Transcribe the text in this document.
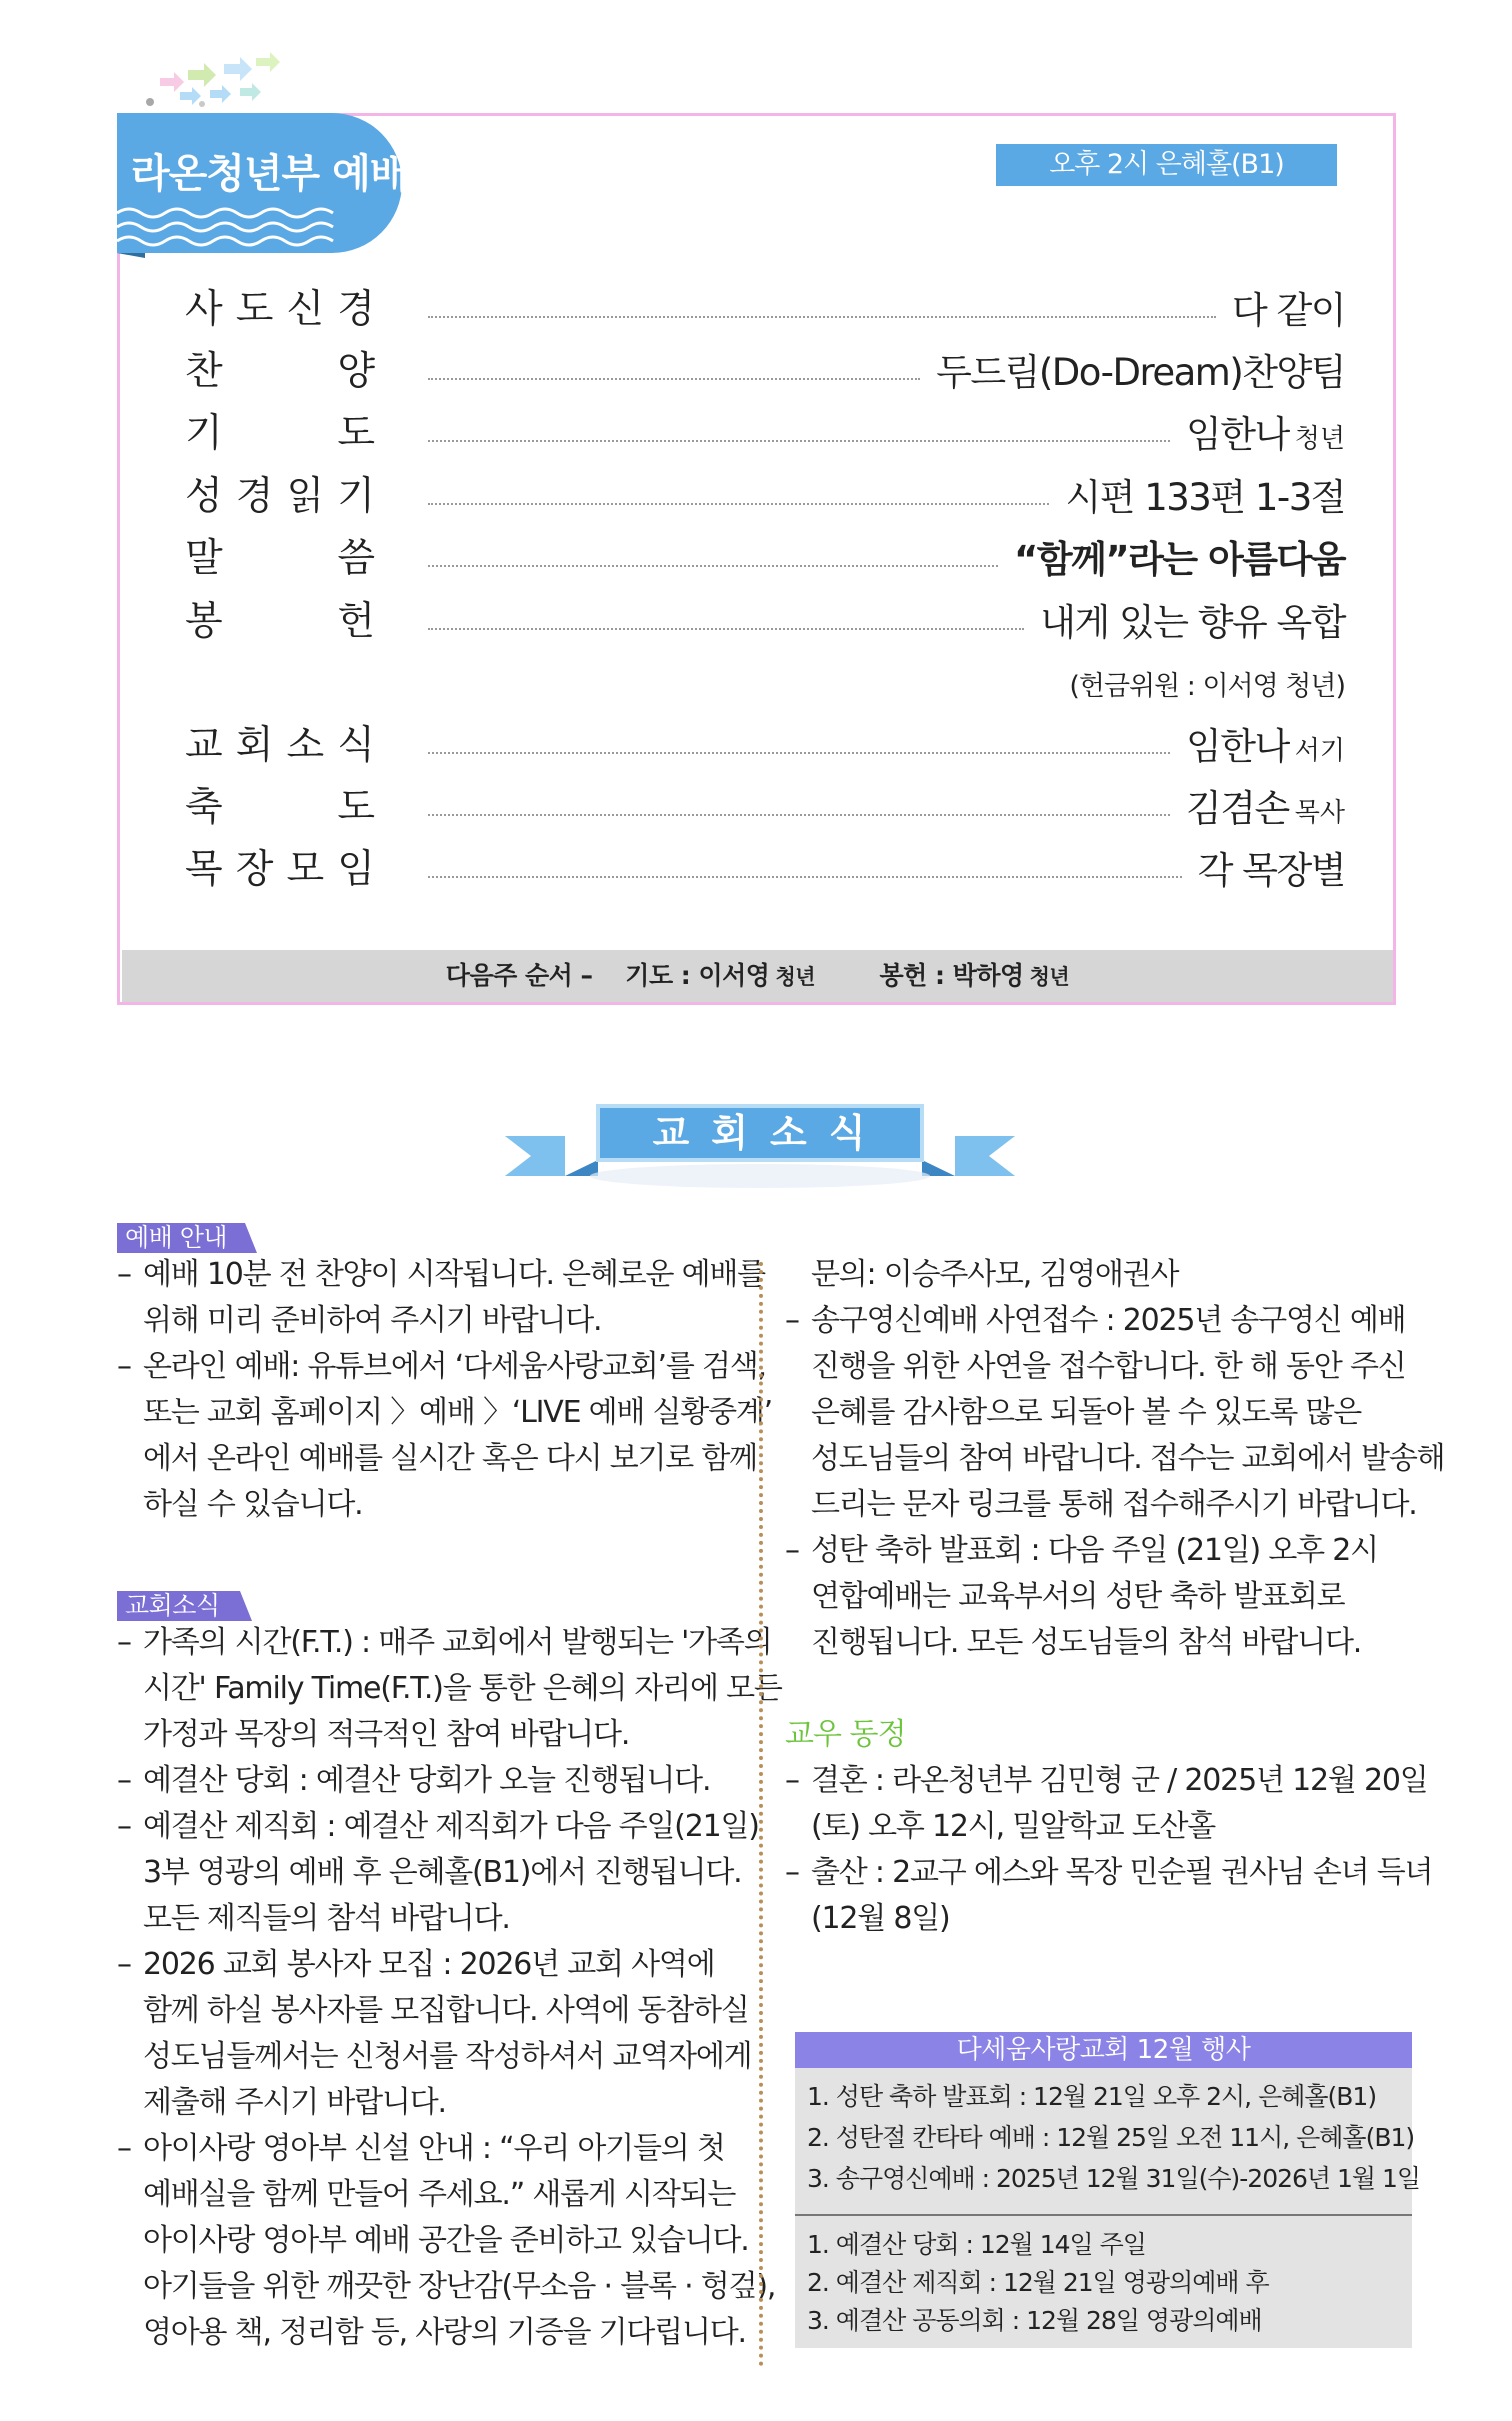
라온청년부 예배	오후 2시 은혜홀(B1)
사 도 신 경	다 같이
찬	양	두드림(Do-Dream)찬양팀
기	도	임한나 청년
성 경 읽 기	시편 133편 1-3절
말	씀	“함께”라는 아름다움
봉	헌	내게 있는 향유 옥합
교 회 소 식	임한나 서기
축	도	김겸손 목사
목 장 모 임	각 목장별
(헌금위원 : 이서영 청년)
다음주 순서 – 기도 : 이서영 청년	봉헌 : 박하영 청년
교회소식
예배 안내
교회소식
– 예배 10분 전 찬양이 시작됩니다. 은혜로운 예배를
위해 미리 준비하여 주시기 바랍니다.
– 온라인 예배: 유튜브에서 ‘다세움사랑교회’를 검색,
또는 교회 홈페이지 〉예배 〉‘LIVE 예배 실황중계’
에서 온라인 예배를 실시간 혹은 다시 보기로 함께
하실 수 있습니다.
– 가족의 시간(F.T.) : 매주 교회에서 발행되는 '가족의
시간' Family Time(F.T.)을 통한 은혜의 자리에 모든
가정과 목장의 적극적인 참여 바랍니다.
– 예결산 당회 : 예결산 당회가 오늘 진행됩니다.
– 예결산 제직회 : 예결산 제직회가 다음 주일(21일)
3부 영광의 예배 후 은혜홀(B1)에서 진행됩니다.
모든 제직들의 참석 바랍니다.
– 2026 교회 봉사자 모집 : 2026년 교회 사역에
함께 하실 봉사자를 모집합니다. 사역에 동참하실
성도님들께서는 신청서를 작성하셔서 교역자에게
제출해 주시기 바랍니다.
– 아이사랑 영아부 신설 안내 : “우리 아기들의 첫
예배실을 함께 만들어 주세요.” 새롭게 시작되는
아이사랑 영아부 예배 공간을 준비하고 있습니다.
아기들을 위한 깨끗한 장난감(무소음 · 블록 · 헝겊),
영아용 책, 정리함 등, 사랑의 기증을 기다립니다.

문의: 이승주사모, 김영애권사

– 송구영신예배 사연접수 : 2025년 송구영신 예배
진행을 위한 사연을 접수합니다. 한 해 동안 주신
은혜를 감사함으로 되돌아 볼 수 있도록 많은
성도님들의 참여 바랍니다. 접수는 교회에서 발송해
드리는 문자 링크를 통해 접수해주시기 바랍니다.
– 성탄 축하 발표회 : 다음 주일 (21일) 오후 2시
연합예배는 교육부서의 성탄 축하 발표회로
진행됩니다. 모든 성도님들의 참석 바랍니다.
교우 동정
– 결혼 : 라온청년부 김민형 군 / 2025년 12월 20일
(토) 오후 12시, 밀알학교 도산홀
– 출산 : 2교구 에스와 목장 민순필 권사님 손녀 득녀
(12월 8일)
다세움사랑교회 12월 행사
1. 성탄 축하 발표회 : 12월 21일 오후 2시, 은혜홀(B1)
2. 성탄절 칸타타 예배 : 12월 25일 오전 11시, 은혜홀(B1)
3. 송구영신예배 : 2025년 12월 31일(수)-2026년 1월 1일
1. 예결산 당회 : 12월 14일 주일
2. 예결산 제직회 : 12월 21일 영광의예배 후
3. 예결산 공동의회 : 12월 28일 영광의예배
